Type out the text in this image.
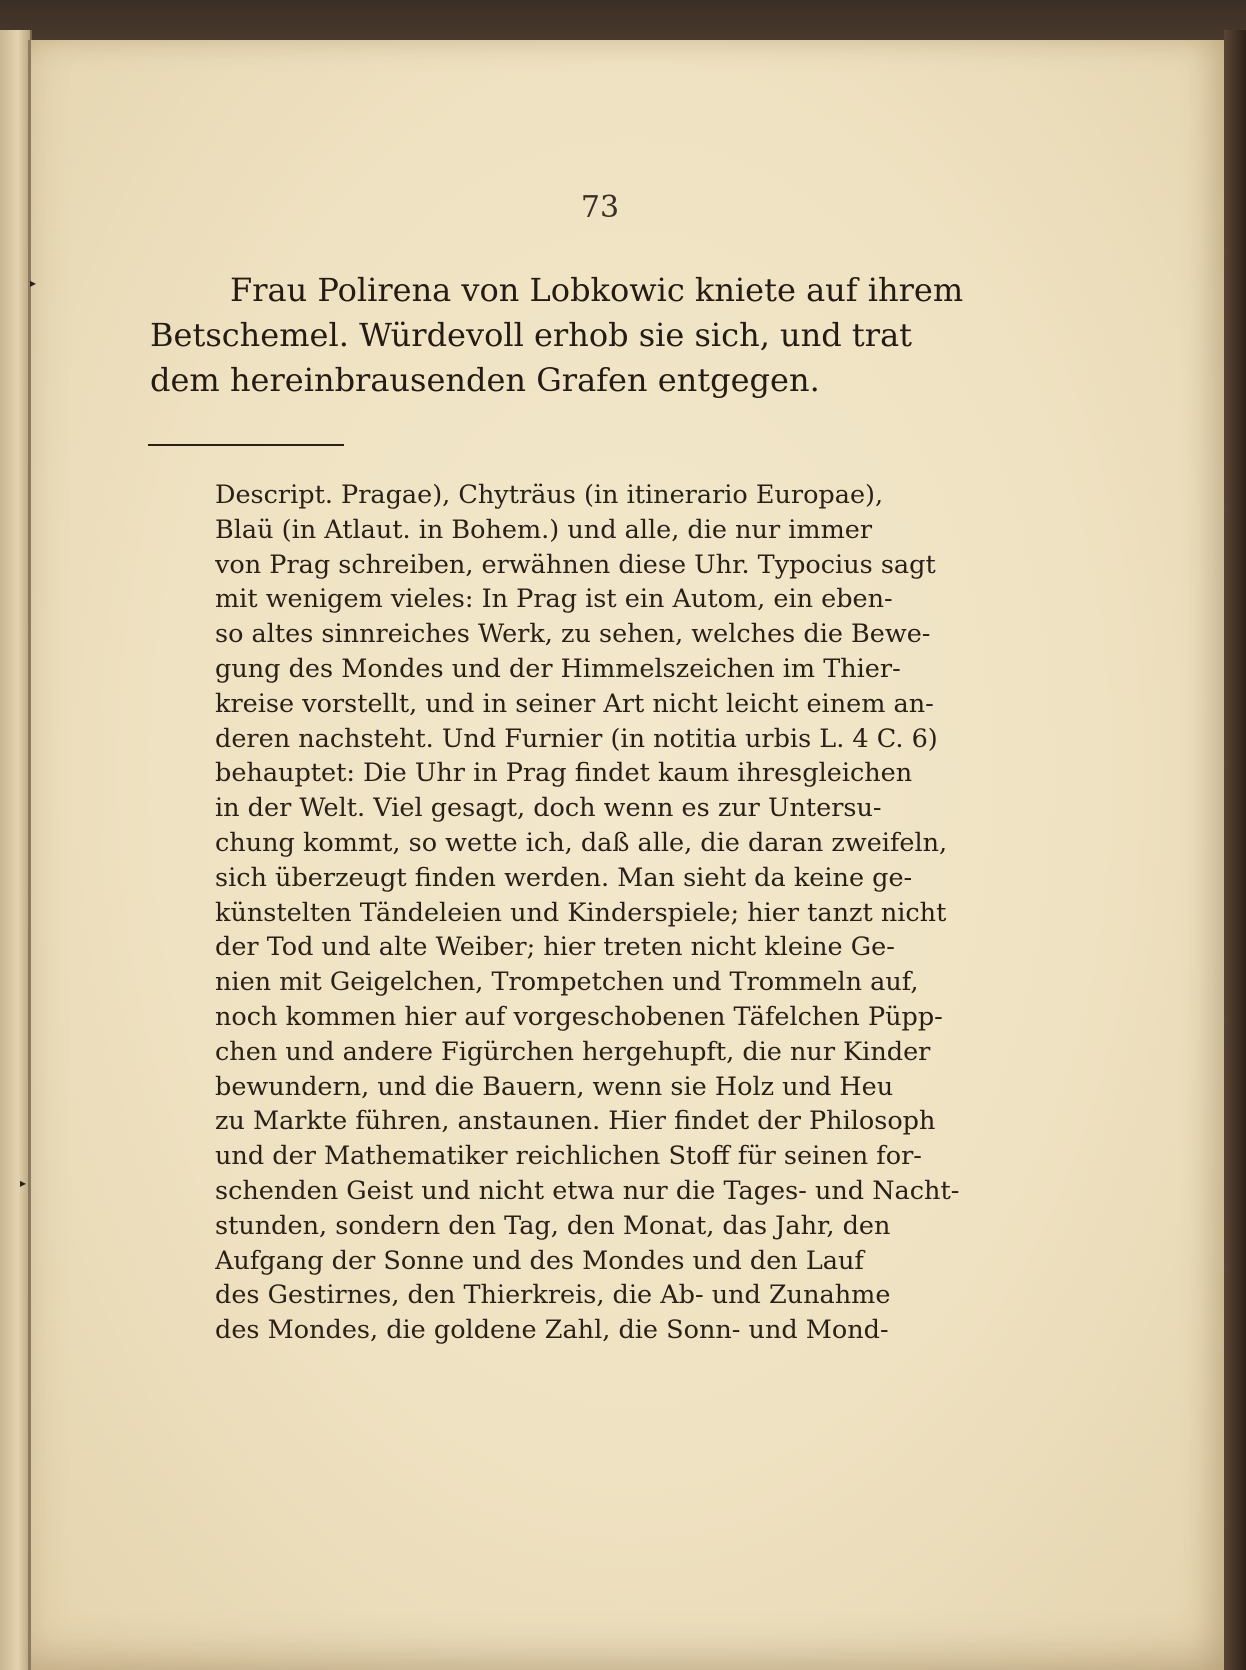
73
Frau Polirena von Lobkowic kniete auf ihrem
Betschemel. Würdevoll erhob sie sich, und trat
dem hereinbrausenden Grafen entgegen.
Descript. Pragae), Chyträus (in itinerario Europae),
Blaü (in Atlaut. in Bohem.) und alle, die nur immer
von Prag schreiben, erwähnen diese Uhr. Typocius sagt
mit wenigem vieles: In Prag ist ein Autom, ein eben-
so altes sinnreiches Werk, zu sehen, welches die Bewe-
gung des Mondes und der Himmelszeichen im Thier-
kreise vorstellt, und in seiner Art nicht leicht einem an-
deren nachsteht. Und Furnier (in notitia urbis L. 4 C. 6)
behauptet: Die Uhr in Prag findet kaum ihresgleichen
in der Welt. Viel gesagt, doch wenn es zur Untersu-
chung kommt, so wette ich, daß alle, die daran zweifeln,
sich überzeugt finden werden. Man sieht da keine ge-
künstelten Tändeleien und Kinderspiele; hier tanzt nicht
der Tod und alte Weiber; hier treten nicht kleine Ge-
nien mit Geigelchen, Trompetchen und Trommeln auf,
noch kommen hier auf vorgeschobenen Täfelchen Püpp-
chen und andere Figürchen hergehupft, die nur Kinder
bewundern, und die Bauern, wenn sie Holz und Heu
zu Markte führen, anstaunen. Hier findet der Philosoph
und der Mathematiker reichlichen Stoff für seinen for-
schenden Geist und nicht etwa nur die Tages- und Nacht-
stunden, sondern den Tag, den Monat, das Jahr, den
Aufgang der Sonne und des Mondes und den Lauf
des Gestirnes, den Thierkreis, die Ab- und Zunahme
des Mondes, die goldene Zahl, die Sonn- und Mond-
▸
▸
